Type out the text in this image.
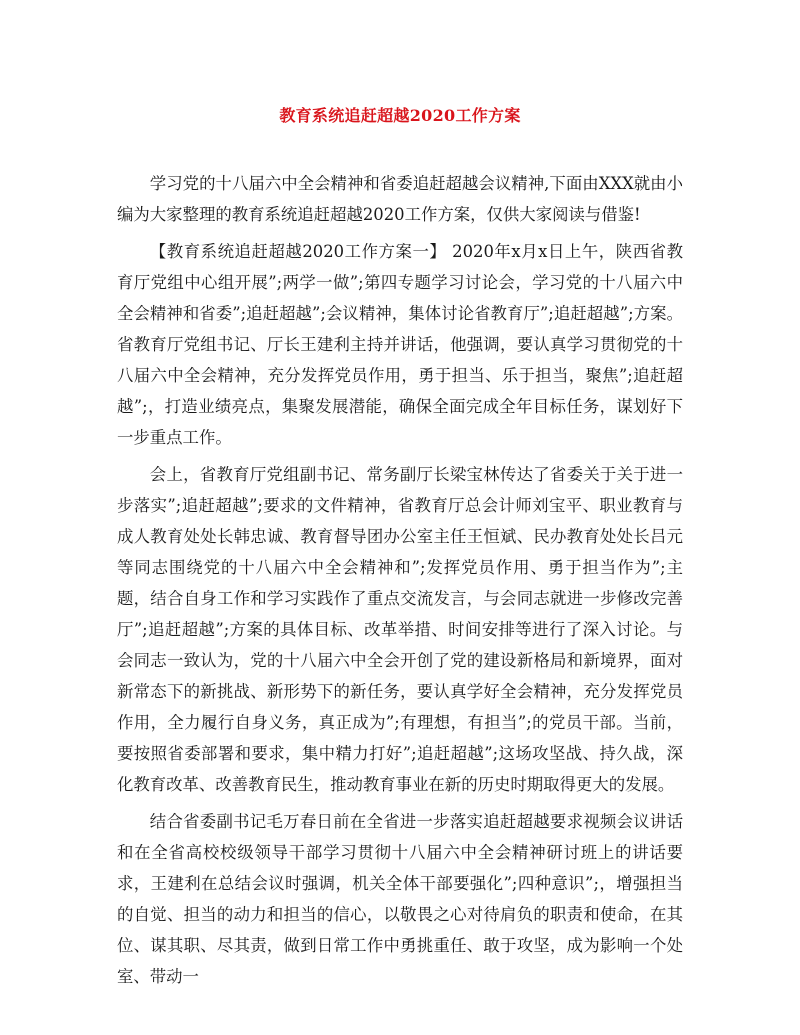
教育系统追赶超越2020工作方案

学习党的十八届六中全会精神和省委追赶超越会议精神,下面由XXX就由小编为大家整理的教育系统追赶超越2020工作方案，仅供大家阅读与借鉴!

【教育系统追赶超越2020工作方案一】 2020年x月x日上午，陕西省教育厅党组中心组开展”;两学一做”;第四专题学习讨论会，学习党的十八届六中全会精神和省委”;追赶超越”;会议精神，集体讨论省教育厅”;追赶超越”;方案。省教育厅党组书记、厅长王建利主持并讲话，他强调，要认真学习贯彻党的十八届六中全会精神，充分发挥党员作用，勇于担当、乐于担当，聚焦”;追赶超越”;，打造业绩亮点，集聚发展潜能，确保全面完成全年目标任务，谋划好下一步重点工作。

会上，省教育厅党组副书记、常务副厅长梁宝林传达了省委关于关于进一步落实”;追赶超越”;要求的文件精神，省教育厅总会计师刘宝平、职业教育与成人教育处处长韩忠诚、教育督导团办公室主任王恒斌、民办教育处处长吕元等同志围绕党的十八届六中全会精神和”;发挥党员作用、勇于担当作为”;主题，结合自身工作和学习实践作了重点交流发言，与会同志就进一步修改完善厅”;追赶超越”;方案的具体目标、改革举措、时间安排等进行了深入讨论。与会同志一致认为，党的十八届六中全会开创了党的建设新格局和新境界，面对新常态下的新挑战、新形势下的新任务，要认真学好全会精神，充分发挥党员作用，全力履行自身义务，真正成为”;有理想，有担当”;的党员干部。当前，要按照省委部署和要求，集中精力打好”;追赶超越”;这场攻坚战、持久战，深化教育改革、改善教育民生，推动教育事业在新的历史时期取得更大的发展。

结合省委副书记毛万春日前在全省进一步落实追赶超越要求视频会议讲话和在全省高校校级领导干部学习贯彻十八届六中全会精神研讨班上的讲话要求，王建利在总结会议时强调，机关全体干部要强化”;四种意识”;，增强担当的自觉、担当的动力和担当的信心，以敬畏之心对待肩负的职责和使命，在其位、谋其职、尽其责，做到日常工作中勇挑重任、敢于攻坚，成为影响一个处室、带动一
